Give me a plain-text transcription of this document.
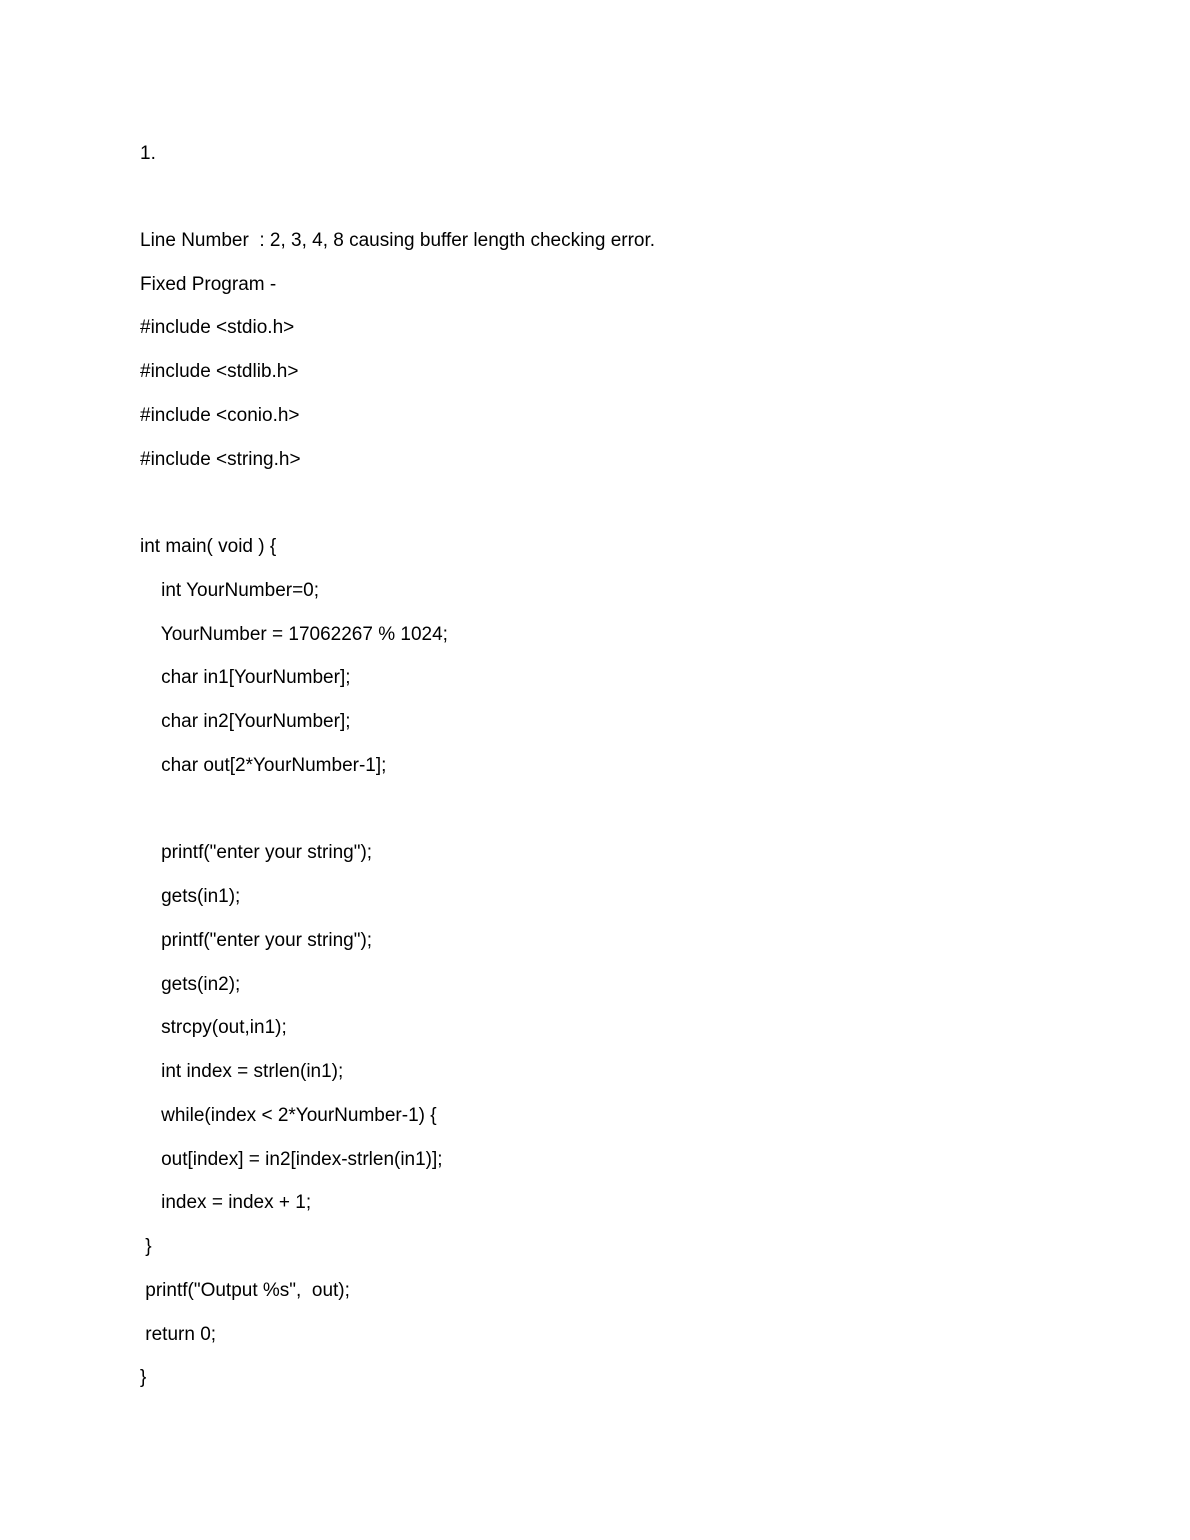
1.
Line Number  : 2, 3, 4, 8 causing buffer length checking error.
Fixed Program -
#include <stdio.h>
#include <stdlib.h>
#include <conio.h>
#include <string.h>
int main( void ) {
int YourNumber=0;
YourNumber = 17062267 % 1024;
char in1[YourNumber];
char in2[YourNumber];
char out[2*YourNumber-1];
printf("enter your string");
gets(in1);
printf("enter your string");
gets(in2);
strcpy(out,in1);
int index = strlen(in1);
while(index < 2*YourNumber-1) {
out[index] = in2[index-strlen(in1)];
index = index + 1;
}
printf("Output %s",  out);
return 0;
}
